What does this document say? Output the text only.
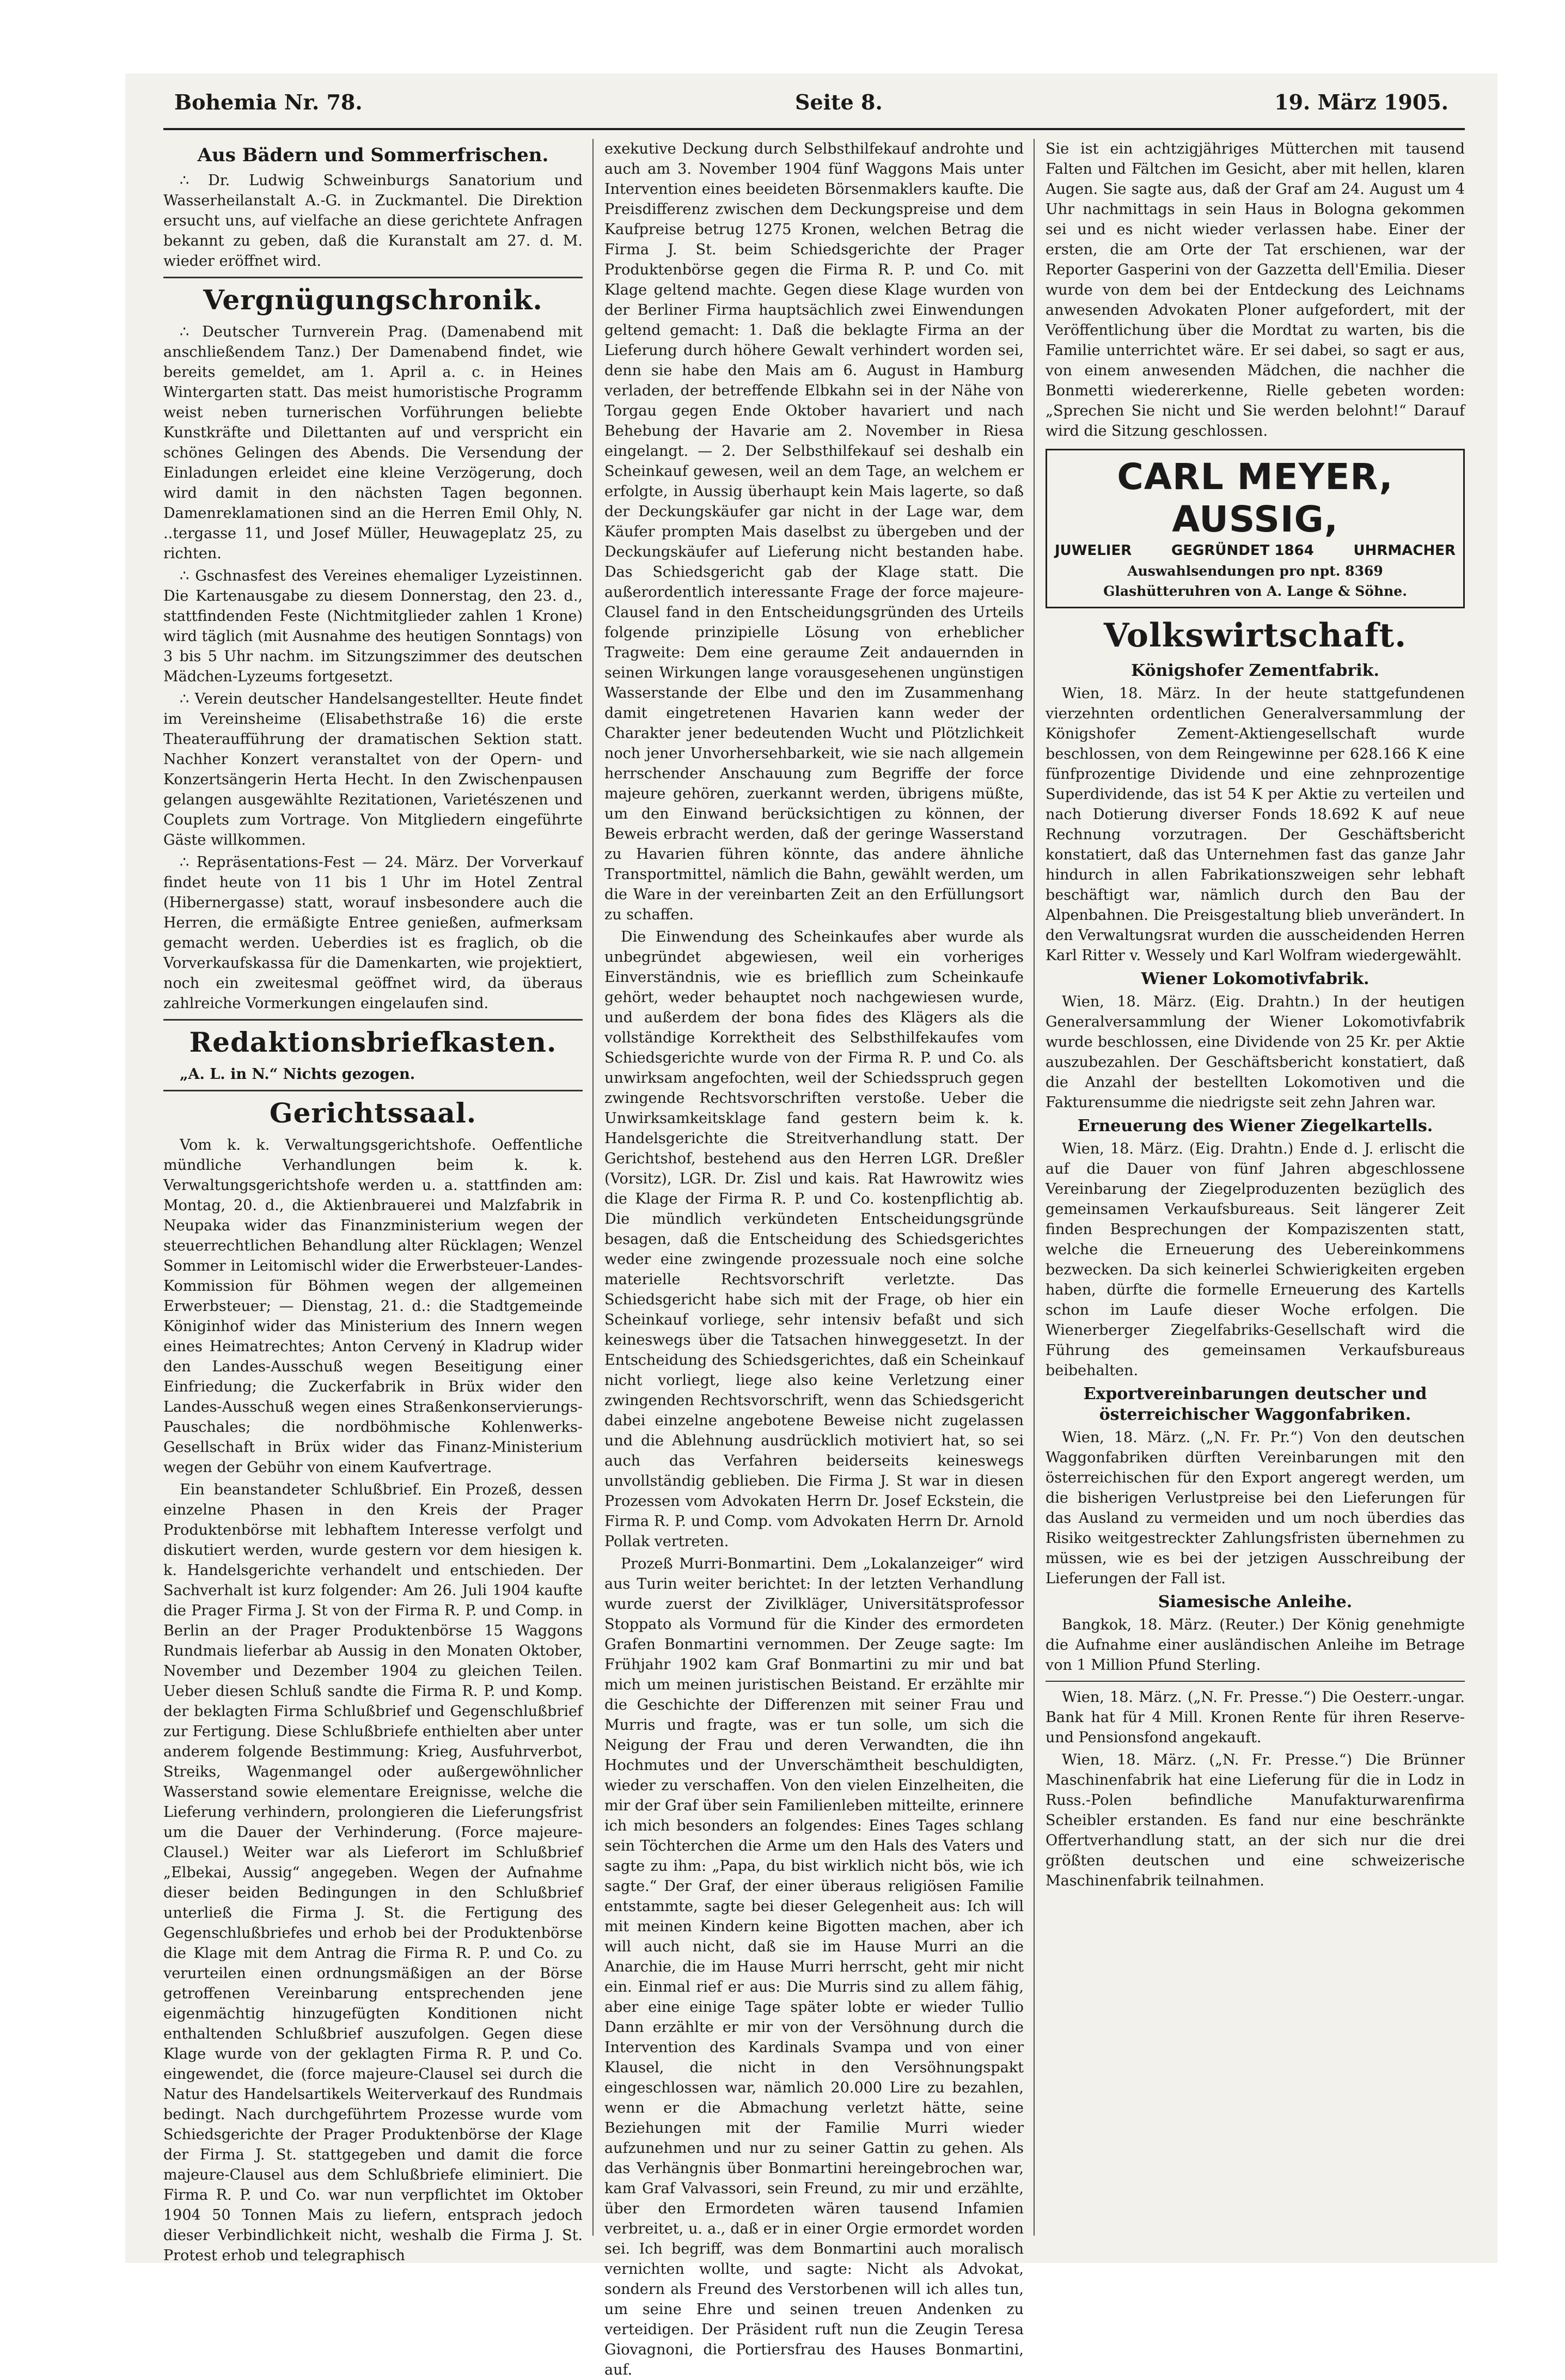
Bohemia Nr. 78.	Seite 8.	19. März 1905.
Aus Bädern und Sommerfrischen.

∴ Dr. Ludwig Schweinburgs Sanatorium und Wasserheilanstalt A.-G. in Zuckmantel. Die Direktion ersucht uns, auf vielfache an diese gerichtete Anfragen bekannt zu geben, daß die Kuranstalt am 27. d. M. wieder eröffnet wird.

Vergnügungschronik.

∴ Deutscher Turnverein Prag. (Damenabend mit anschließendem Tanz.) Der Damenabend findet, wie bereits gemeldet, am 1. April a. c. in Heines Wintergarten statt. Das meist humoristische Programm weist neben turnerischen Vorführungen beliebte Kunstkräfte und Dilettanten auf und verspricht ein schönes Gelingen des Abends. Die Versendung der Einladungen erleidet eine kleine Verzögerung, doch wird damit in den nächsten Tagen begonnen. Damenreklamationen sind an die Herren Emil Ohly, N. ..tergasse 11, und Josef Müller, Heuwageplatz 25, zu richten.

∴ Gschnasfest des Vereines ehemaliger Lyzeistinnen. Die Kartenausgabe zu diesem Donnerstag, den 23. d., stattfindenden Feste (Nichtmitglieder zahlen 1 Krone) wird täglich (mit Ausnahme des heutigen Sonntags) von 3 bis 5 Uhr nachm. im Sitzungszimmer des deutschen Mädchen-Lyzeums fortgesetzt.

∴ Verein deutscher Handelsangestellter. Heute findet im Vereinsheime (Elisabethstraße 16) die erste Theateraufführung der dramatischen Sektion statt. Nachher Konzert veranstaltet von der Opern- und Konzertsängerin Herta Hecht. In den Zwischenpausen gelangen ausgewählte Rezitationen, Varietészenen und Couplets zum Vortrage. Von Mitgliedern eingeführte Gäste willkommen.

∴ Repräsentations-Fest — 24. März. Der Vorverkauf findet heute von 11 bis 1 Uhr im Hotel Zentral (Hibernergasse) statt, worauf insbesondere auch die Herren, die ermäßigte Entree genießen, aufmerksam gemacht werden. Ueberdies ist es fraglich, ob die Vorverkaufskassa für die Damenkarten, wie projektiert, noch ein zweitesmal geöffnet wird, da überaus zahlreiche Vormerkungen eingelaufen sind.

Redaktionsbriefkasten.

„A. L. in N.“ Nichts gezogen.

Gerichtssaal.

Vom k. k. Verwaltungsgerichtshofe. Oeffentliche mündliche Verhandlungen beim k. k. Verwaltungsgerichtshofe werden u. a. stattfinden am: Montag, 20. d., die Aktienbrauerei und Malzfabrik in Neupaka wider das Finanzministerium wegen der steuerrechtlichen Behandlung alter Rücklagen; Wenzel Sommer in Leitomischl wider die Erwerbsteuer-Landes-Kommission für Böhmen wegen der allgemeinen Erwerbsteuer; — Dienstag, 21. d.: die Stadtgemeinde Königinhof wider das Ministerium des Innern wegen eines Heimatrechtes; Anton Cervený in Kladrup wider den Landes-Ausschuß wegen Beseitigung einer Einfriedung; die Zuckerfabrik in Brüx wider den Landes-Ausschuß wegen eines Straßenkonservierungs-Pauschales; die nordböhmische Kohlenwerks-Gesellschaft in Brüx wider das Finanz-Ministerium wegen der Gebühr von einem Kaufvertrage.

Ein beanstandeter Schlußbrief. Ein Prozeß, dessen einzelne Phasen in den Kreis der Prager Produktenbörse mit lebhaftem Interesse verfolgt und diskutiert werden, wurde gestern vor dem hiesigen k. k. Handelsgerichte verhandelt und entschieden. Der Sachverhalt ist kurz folgender: Am 26. Juli 1904 kaufte die Prager Firma J. St von der Firma R. P. und Comp. in Berlin an der Prager Produktenbörse 15 Waggons Rundmais lieferbar ab Aussig in den Monaten Oktober, November und Dezember 1904 zu gleichen Teilen. Ueber diesen Schluß sandte die Firma R. P. und Komp. der beklagten Firma Schlußbrief und Gegenschlußbrief zur Fertigung. Diese Schlußbriefe enthielten aber unter anderem folgende Bestimmung: Krieg, Ausfuhrverbot, Streiks, Wagenmangel oder außergewöhnlicher Wasserstand sowie elementare Ereignisse, welche die Lieferung verhindern, prolongieren die Lieferungsfrist um die Dauer der Verhinderung. (Force majeure-Clausel.) Weiter war als Lieferort im Schlußbrief „Elbekai, Aussig“ angegeben. Wegen der Aufnahme dieser beiden Bedingungen in den Schlußbrief unterließ die Firma J. St. die Fertigung des Gegenschlußbriefes und erhob bei der Produktenbörse die Klage mit dem Antrag die Firma R. P. und Co. zu verurteilen einen ordnungsmäßigen an der Börse getroffenen Vereinbarung entsprechenden jene eigenmächtig hinzugefügten Konditionen nicht enthaltenden Schlußbrief auszufolgen. Gegen diese Klage wurde von der geklagten Firma R. P. und Co. eingewendet, die (force majeure-Clausel sei durch die Natur des Handelsartikels Weiterverkauf des Rundmais bedingt. Nach durchgeführtem Prozesse wurde vom Schiedsgerichte der Prager Produktenbörse der Klage der Firma J. St. stattgegeben und damit die force majeure-Clausel aus dem Schlußbriefe eliminiert. Die Firma R. P. und Co. war nun verpflichtet im Oktober 1904 50 Tonnen Mais zu liefern, entsprach jedoch dieser Verbindlichkeit nicht, weshalb die Firma J. St. Protest erhob und telegraphisch

exekutive Deckung durch Selbsthilfekauf androhte und auch am 3. November 1904 fünf Waggons Mais unter Intervention eines beeideten Börsenmaklers kaufte. Die Preisdifferenz zwischen dem Deckungspreise und dem Kaufpreise betrug 1275 Kronen, welchen Betrag die Firma J. St. beim Schiedsgerichte der Prager Produktenbörse gegen die Firma R. P. und Co. mit Klage geltend machte. Gegen diese Klage wurden von der Berliner Firma hauptsächlich zwei Einwendungen geltend gemacht: 1. Daß die beklagte Firma an der Lieferung durch höhere Gewalt verhindert worden sei, denn sie habe den Mais am 6. August in Hamburg verladen, der betreffende Elbkahn sei in der Nähe von Torgau gegen Ende Oktober havariert und nach Behebung der Havarie am 2. November in Riesa eingelangt. — 2. Der Selbsthilfekauf sei deshalb ein Scheinkauf gewesen, weil an dem Tage, an welchem er erfolgte, in Aussig überhaupt kein Mais lagerte, so daß der Deckungskäufer gar nicht in der Lage war, dem Käufer prompten Mais daselbst zu übergeben und der Deckungskäufer auf Lieferung nicht bestanden habe. Das Schiedsgericht gab der Klage statt. Die außerordentlich interessante Frage der force majeure-Clausel fand in den Entscheidungsgründen des Urteils folgende prinzipielle Lösung von erheblicher Tragweite: Dem eine geraume Zeit andauernden in seinen Wirkungen lange vorausgesehenen ungünstigen Wasserstande der Elbe und den im Zusammenhang damit eingetretenen Havarien kann weder der Charakter jener bedeutenden Wucht und Plötzlichkeit noch jener Unvorhersehbarkeit, wie sie nach allgemein herrschender Anschauung zum Begriffe der force majeure gehören, zuerkannt werden, übrigens müßte, um den Einwand berücksichtigen zu können, der Beweis erbracht werden, daß der geringe Wasserstand zu Havarien führen könnte, das andere ähnliche Transportmittel, nämlich die Bahn, gewählt werden, um die Ware in der vereinbarten Zeit an den Erfüllungsort zu schaffen.

Die Einwendung des Scheinkaufes aber wurde als unbegründet abgewiesen, weil ein vorheriges Einverständnis, wie es briefllich zum Scheinkaufe gehört, weder behauptet noch nachgewiesen wurde, und außerdem der bona fides des Klägers als die vollständige Korrektheit des Selbsthilfekaufes vom Schiedsgerichte wurde von der Firma R. P. und Co. als unwirksam angefochten, weil der Schiedsspruch gegen zwingende Rechtsvorschriften verstoße. Ueber die Unwirksamkeitsklage fand gestern beim k. k. Handelsgerichte die Streitverhandlung statt. Der Gerichtshof, bestehend aus den Herren LGR. Dreßler (Vorsitz), LGR. Dr. Zisl und kais. Rat Hawrowitz wies die Klage der Firma R. P. und Co. kostenpflichtig ab. Die mündlich verkündeten Entscheidungsgründe besagen, daß die Entscheidung des Schiedsgerichtes weder eine zwingende prozessuale noch eine solche materielle Rechtsvorschrift verletzte. Das Schiedsgericht habe sich mit der Frage, ob hier ein Scheinkauf vorliege, sehr intensiv befaßt und sich keineswegs über die Tatsachen hinweggesetzt. In der Entscheidung des Schiedsgerichtes, daß ein Scheinkauf nicht vorliegt, liege also keine Verletzung einer zwingenden Rechtsvorschrift, wenn das Schiedsgericht dabei einzelne angebotene Beweise nicht zugelassen und die Ablehnung ausdrücklich motiviert hat, so sei auch das Verfahren beiderseits keineswegs unvollständig geblieben. Die Firma J. St war in diesen Prozessen vom Advokaten Herrn Dr. Josef Eckstein, die Firma R. P. und Comp. vom Advokaten Herrn Dr. Arnold Pollak vertreten.

Prozeß Murri-Bonmartini. Dem „Lokalanzeiger“ wird aus Turin weiter berichtet: In der letzten Verhandlung wurde zuerst der Zivilkläger, Universitätsprofessor Stoppato als Vormund für die Kinder des ermordeten Grafen Bonmartini vernommen. Der Zeuge sagte: Im Frühjahr 1902 kam Graf Bonmartini zu mir und bat mich um meinen juristischen Beistand. Er erzählte mir die Geschichte der Differenzen mit seiner Frau und Murris und fragte, was er tun solle, um sich die Neigung der Frau und deren Verwandten, die ihn Hochmutes und der Unverschämtheit beschuldigten, wieder zu verschaffen. Von den vielen Einzelheiten, die mir der Graf über sein Familienleben mitteilte, erinnere ich mich besonders an folgendes: Eines Tages schlang sein Töchterchen die Arme um den Hals des Vaters und sagte zu ihm: „Papa, du bist wirklich nicht bös, wie ich sagte.“ Der Graf, der einer überaus religiösen Familie entstammte, sagte bei dieser Gelegenheit aus: Ich will mit meinen Kindern keine Bigotten machen, aber ich will auch nicht, daß sie im Hause Murri an die Anarchie, die im Hause Murri herrscht, geht mir nicht ein. Einmal rief er aus: Die Murris sind zu allem fähig, aber eine einige Tage später lobte er wieder Tullio Dann erzählte er mir von der Versöhnung durch die Intervention des Kardinals Svampa und von einer Klausel, die nicht in den Versöhnungspakt eingeschlossen war, nämlich 20.000 Lire zu bezahlen, wenn er die Abmachung verletzt hätte, seine Beziehungen mit der Familie Murri wieder aufzunehmen und nur zu seiner Gattin zu gehen. Als das Verhängnis über Bonmartini hereingebrochen war, kam Graf Valvassori, sein Freund, zu mir und erzählte, über den Ermordeten wären tausend Infamien verbreitet, u. a., daß er in einer Orgie ermordet worden sei. Ich begriff, was dem Bonmartini auch moralisch vernichten wollte, und sagte: Nicht als Advokat, sondern als Freund des Verstorbenen will ich alles tun, um seine Ehre und seinen treuen Andenken zu verteidigen. Der Präsident ruft nun die Zeugin Teresa Giovagnoni, die Portiersfrau des Hauses Bonmartini, auf.

Sie ist ein achtzigjähriges Mütterchen mit tausend Falten und Fältchen im Gesicht, aber mit hellen, klaren Augen. Sie sagte aus, daß der Graf am 24. August um 4 Uhr nachmittags in sein Haus in Bologna gekommen sei und es nicht wieder verlassen habe. Einer der ersten, die am Orte der Tat erschienen, war der Reporter Gasperini von der Gazzetta dell'Emilia. Dieser wurde von dem bei der Entdeckung des Leichnams anwesenden Advokaten Ploner aufgefordert, mit der Veröffentlichung über die Mordtat zu warten, bis die Familie unterrichtet wäre. Er sei dabei, so sagt er aus, von einem anwesenden Mädchen, die nachher die Bonmetti wiedererkenne, Rielle gebeten worden: „Sprechen Sie nicht und Sie werden belohnt!“ Darauf wird die Sitzung geschlossen.

CARL MEYER, AUSSIG,
JUWELIER	GEGRÜNDET 1864	UHRMACHER
Auswahlsendungen pro npt. 8369
Glashütteruhren von A. Lange & Söhne.
Volkswirtschaft.
Königshofer Zementfabrik.

Wien, 18. März. In der heute stattgefundenen vierzehnten ordentlichen Generalversammlung der Königshofer Zement-Aktiengesellschaft wurde beschlossen, von dem Reingewinne per 628.166 K eine fünfprozentige Dividende und eine zehnprozentige Superdividende, das ist 54 K per Aktie zu verteilen und nach Dotierung diverser Fonds 18.692 K auf neue Rechnung vorzutragen. Der Geschäftsbericht konstatiert, daß das Unternehmen fast das ganze Jahr hindurch in allen Fabrikationszweigen sehr lebhaft beschäftigt war, nämlich durch den Bau der Alpenbahnen. Die Preisgestaltung blieb unverändert. In den Verwaltungsrat wurden die ausscheidenden Herren Karl Ritter v. Wessely und Karl Wolfram wiedergewählt.

Wiener Lokomotivfabrik.

Wien, 18. März. (Eig. Drahtn.) In der heutigen Generalversammlung der Wiener Lokomotivfabrik wurde beschlossen, eine Dividende von 25 Kr. per Aktie auszubezahlen. Der Geschäftsbericht konstatiert, daß die Anzahl der bestellten Lokomotiven und die Fakturensumme die niedrigste seit zehn Jahren war.

Erneuerung des Wiener Ziegelkartells.

Wien, 18. März. (Eig. Drahtn.) Ende d. J. erlischt die auf die Dauer von fünf Jahren abgeschlossene Vereinbarung der Ziegelproduzenten bezüglich des gemeinsamen Verkaufsbureaus. Seit längerer Zeit finden Besprechungen der Kompaziszenten statt, welche die Erneuerung des Uebereinkommens bezwecken. Da sich keinerlei Schwierigkeiten ergeben haben, dürfte die formelle Erneuerung des Kartells schon im Laufe dieser Woche erfolgen. Die Wienerberger Ziegelfabriks-Gesellschaft wird die Führung des gemeinsamen Verkaufsbureaus beibehalten.

Exportvereinbarungen deutscher und österreichischer Waggonfabriken.

Wien, 18. März. („N. Fr. Pr.“) Von den deutschen Waggonfabriken dürften Vereinbarungen mit den österreichischen für den Export angeregt werden, um die bisherigen Verlustpreise bei den Lieferungen für das Ausland zu vermeiden und um noch überdies das Risiko weitgestreckter Zahlungsfristen übernehmen zu müssen, wie es bei der jetzigen Ausschreibung der Lieferungen der Fall ist.

Siamesische Anleihe.

Bangkok, 18. März. (Reuter.) Der König genehmigte die Aufnahme einer ausländischen Anleihe im Betrage von 1 Million Pfund Sterling.

Wien, 18. März. („N. Fr. Presse.“) Die Oesterr.-ungar. Bank hat für 4 Mill. Kronen Rente für ihren Reserve- und Pensionsfond angekauft.

Wien, 18. März. („N. Fr. Presse.“) Die Brünner Maschinenfabrik hat eine Lieferung für die in Lodz in Russ.-Polen befindliche Manufakturwarenfirma Scheibler erstanden. Es fand nur eine beschränkte Offertverhandlung statt, an der sich nur die drei größten deutschen und eine schweizerische Maschinenfabrik teilnahmen.
